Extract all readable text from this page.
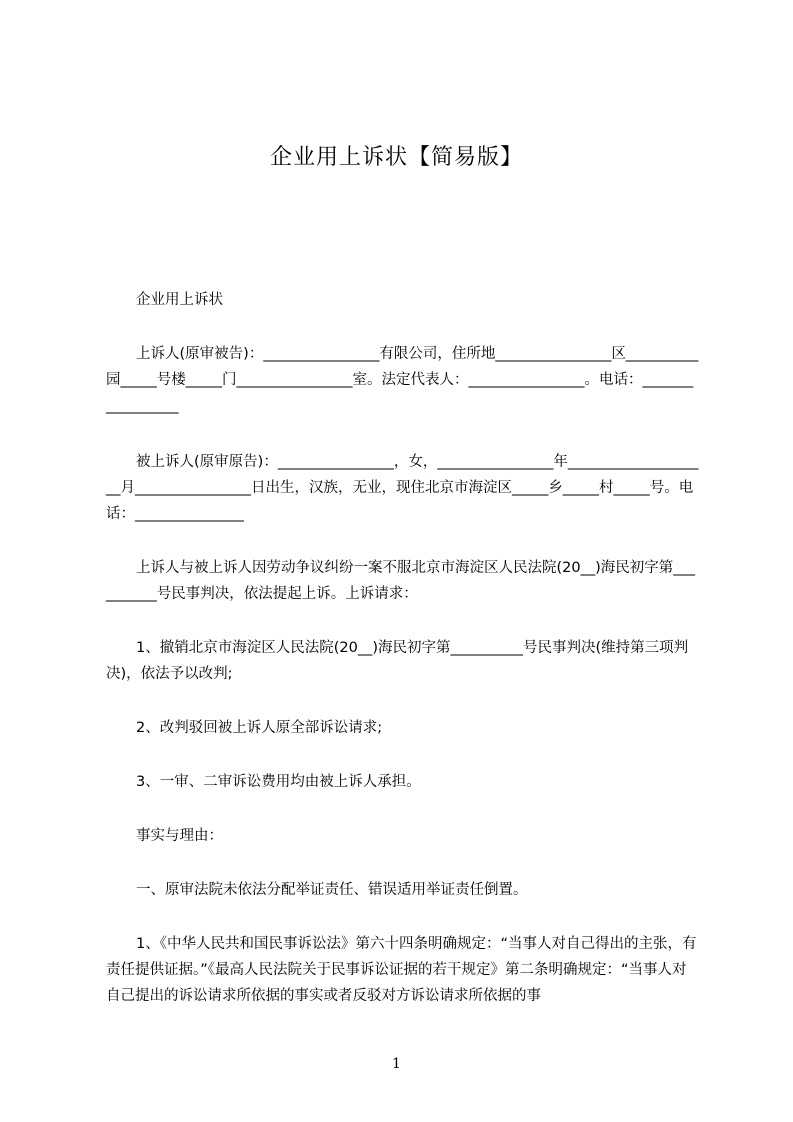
企业用上诉状【简易版】

企业用上诉状

上诉人(原审被告)：________________有限公司，住所地________________区__________园_____号楼_____门________________室。法定代表人：________________。电话：_________________

被上诉人(原审原告)：________________，女，________________年____________________月________________日出生，汉族，无业，现住北京市海淀区_____乡_____村_____号。电话：_______________

上诉人与被上诉人因劳动争议纠纷一案不服北京市海淀区人民法院(20__)海民初字第__________号民事判决，依法提起上诉。上诉请求：

1、撤销北京市海淀区人民法院(20__)海民初字第__________号民事判决(维持第三项判决)，依法予以改判;

2、改判驳回被上诉人原全部诉讼请求;

3、一审、二审诉讼费用均由被上诉人承担。

事实与理由：

一、原审法院未依法分配举证责任、错误适用举证责任倒置。

1、《中华人民共和国民事诉讼法》第六十四条明确规定：“当事人对自己得出的主张，有责任提供证据。”《最高人民法院关于民事诉讼证据的若干规定》第二条明确规定：“当事人对自己提出的诉讼请求所依据的事实或者反驳对方诉讼请求所依据的事

1
